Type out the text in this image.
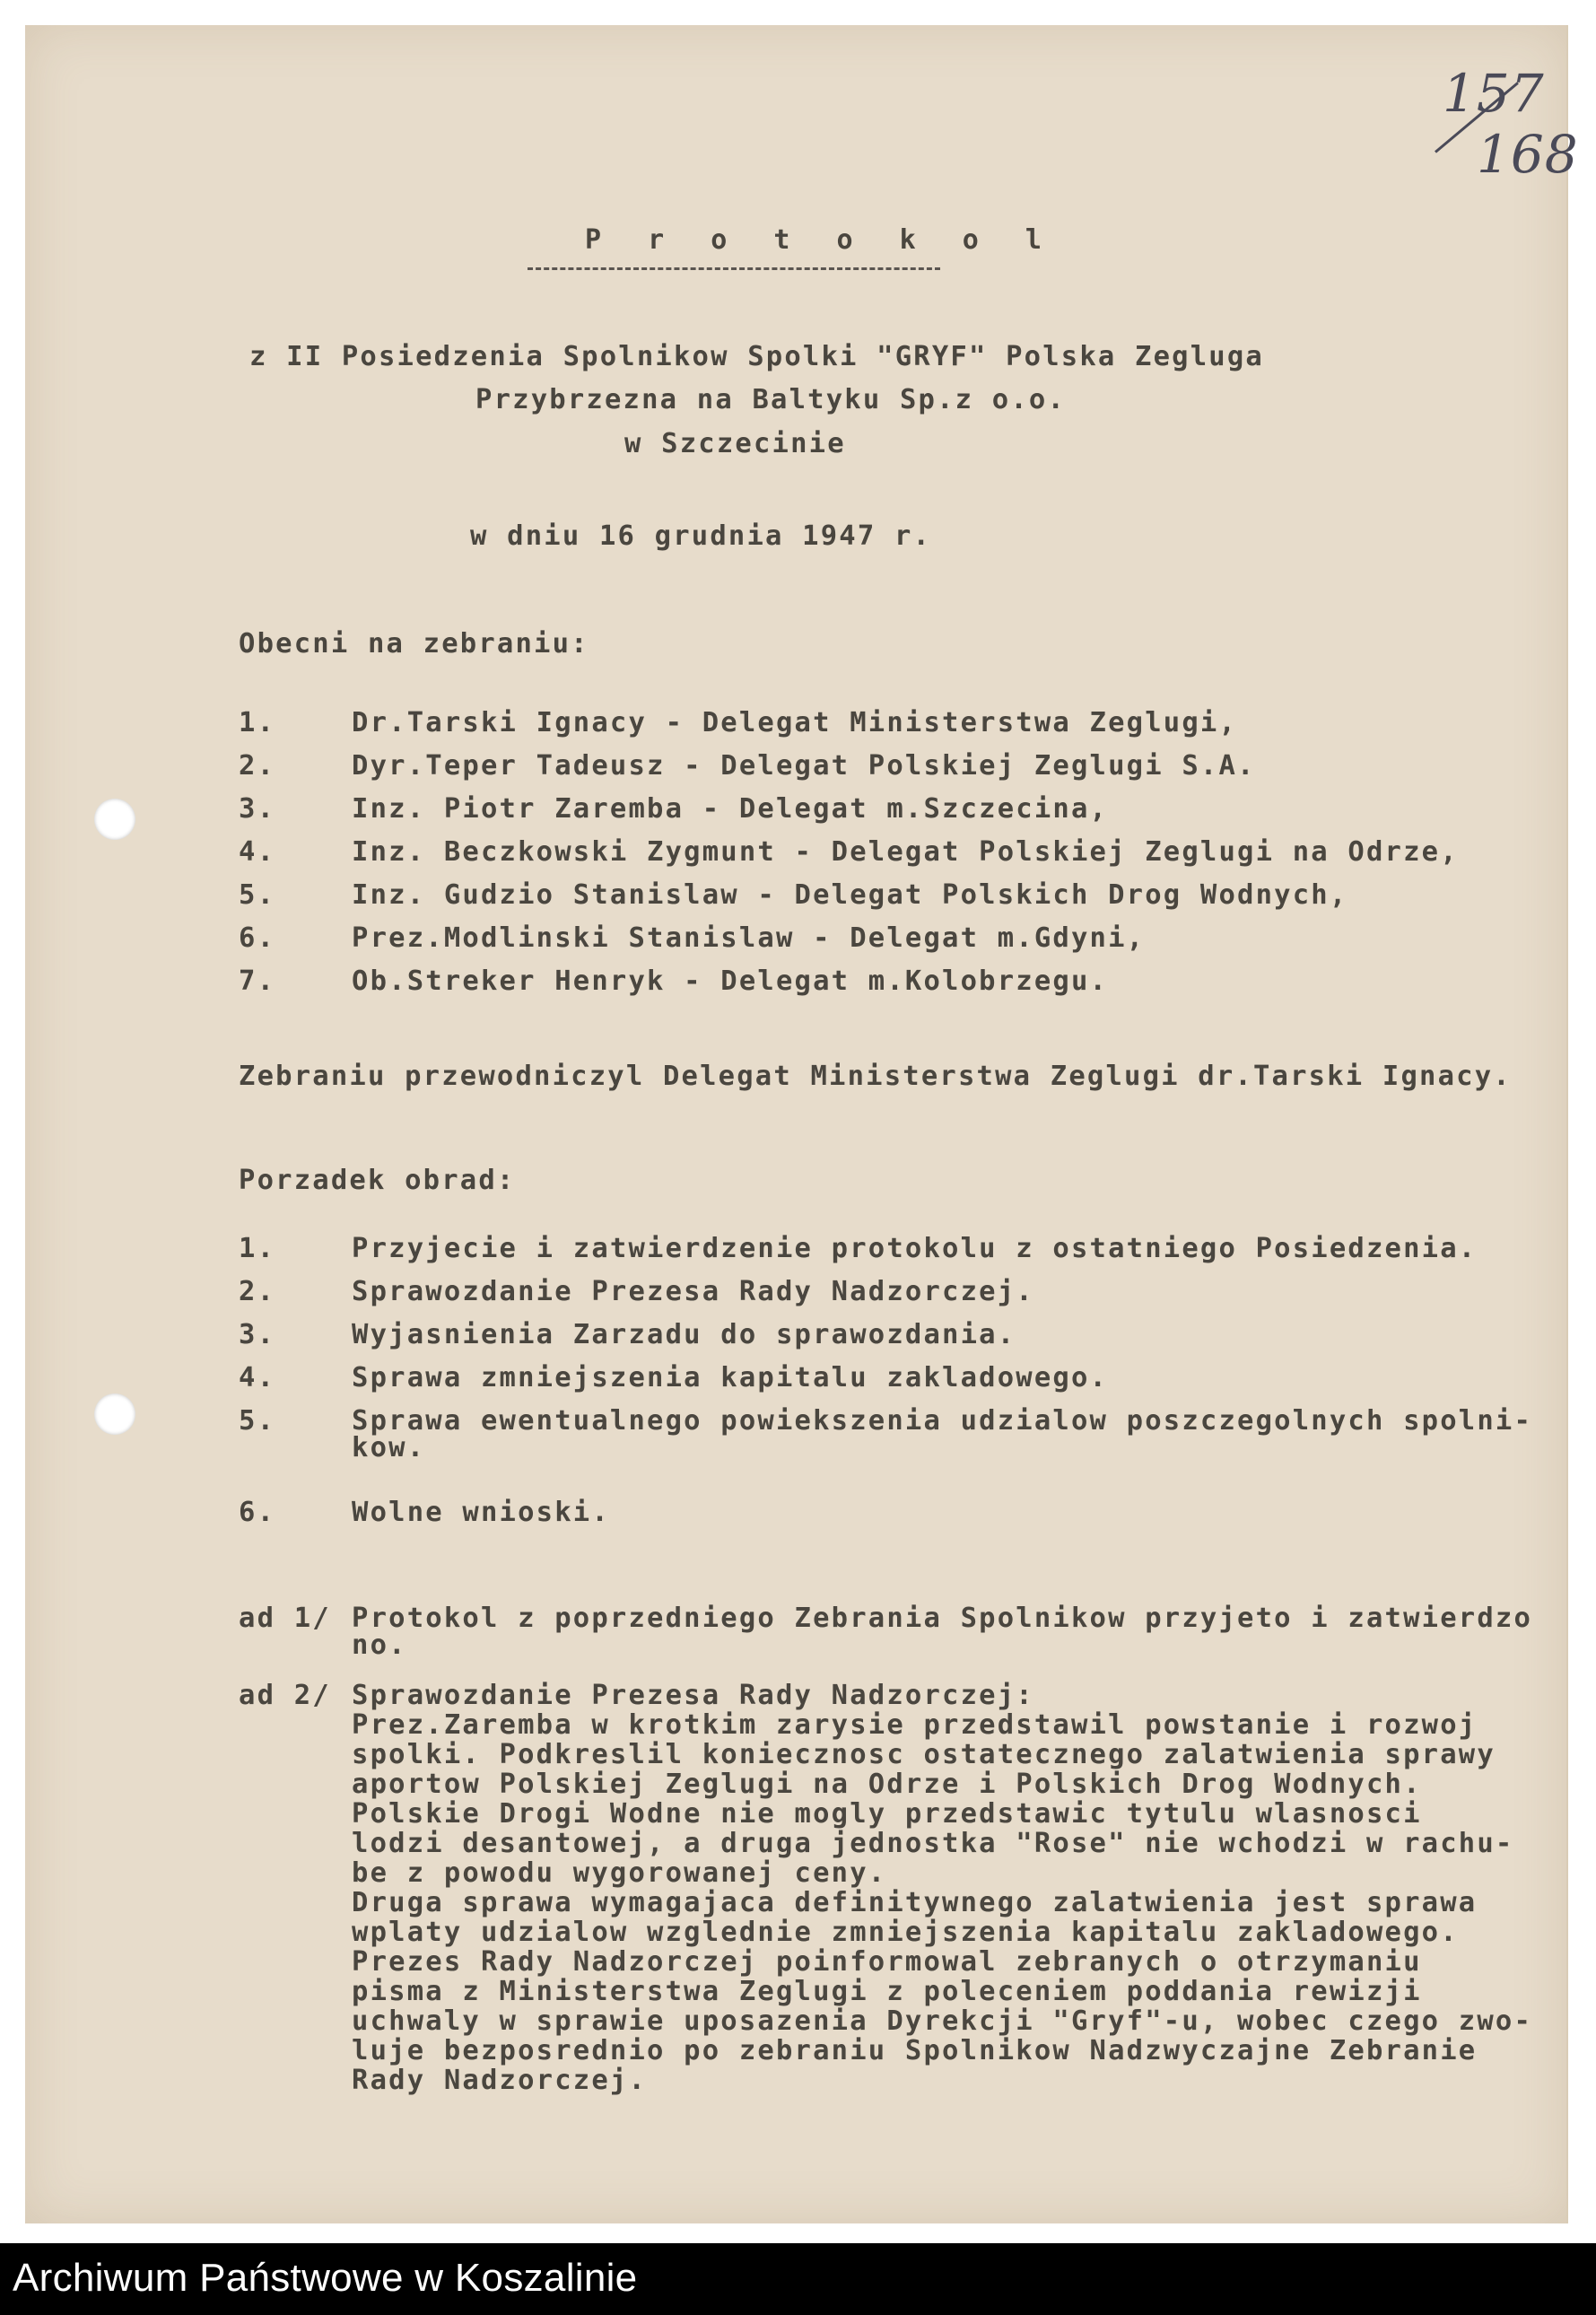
157
168
P r o t o k o l
z II Posiedzenia Spolnikow Spolki "GRYF" Polska Zegluga
Przybrzezna na Baltyku Sp.z o.o.
w Szczecinie
w dniu 16 grudnia 1947 r.
Obecni na zebraniu:
1.	Dr.Tarski Ignacy - Delegat Ministerstwa Zeglugi,
2.	Dyr.Teper Tadeusz - Delegat Polskiej Zeglugi S.A.
3.	Inz. Piotr Zaremba - Delegat m.Szczecina,
4.	Inz. Beczkowski Zygmunt - Delegat Polskiej Zeglugi na Odrze,
5.	Inz. Gudzio Stanislaw - Delegat Polskich Drog Wodnych,
6.	Prez.Modlinski Stanislaw - Delegat m.Gdyni,
7.	Ob.Streker Henryk - Delegat m.Kolobrzegu.
Zebraniu przewodniczyl Delegat Ministerstwa Zeglugi dr.Tarski Ignacy.
Porzadek obrad:
1.	Przyjecie i zatwierdzenie protokolu z ostatniego Posiedzenia.
2.	Sprawozdanie Prezesa Rady Nadzorczej.
3.	Wyjasnienia Zarzadu do sprawozdania.
4.	Sprawa zmniejszenia kapitalu zakladowego.
5.	Sprawa ewentualnego powiekszenia udzialow poszczegolnych spolni-
kow.
6.	Wolne wnioski.
ad 1/ Protokol z poprzedniego Zebrania Spolnikow przyjeto i zatwierdzo
no.
ad 2/ Sprawozdanie Prezesa Rady Nadzorczej:
Prez.Zaremba w krotkim zarysie przedstawil powstanie i rozwoj
spolki. Podkreslil koniecznosc ostatecznego zalatwienia sprawy
aportow Polskiej Zeglugi na Odrze i Polskich Drog Wodnych.
Polskie Drogi Wodne nie mogly przedstawic tytulu wlasnosci
lodzi desantowej, a druga jednostka "Rose" nie wchodzi w rachu-
be z powodu wygorowanej ceny.
Druga sprawa wymagajaca definitywnego zalatwienia jest sprawa
wplaty udzialow wzglednie zmniejszenia kapitalu zakladowego.
Prezes Rady Nadzorczej poinformowal zebranych o otrzymaniu
pisma z Ministerstwa Zeglugi z poleceniem poddania rewizji
uchwaly w sprawie uposazenia Dyrekcji "Gryf"-u, wobec czego zwo-
luje bezposrednio po zebraniu Spolnikow Nadzwyczajne Zebranie
Rady Nadzorczej.
Archiwum Państwowe w Koszalinie
